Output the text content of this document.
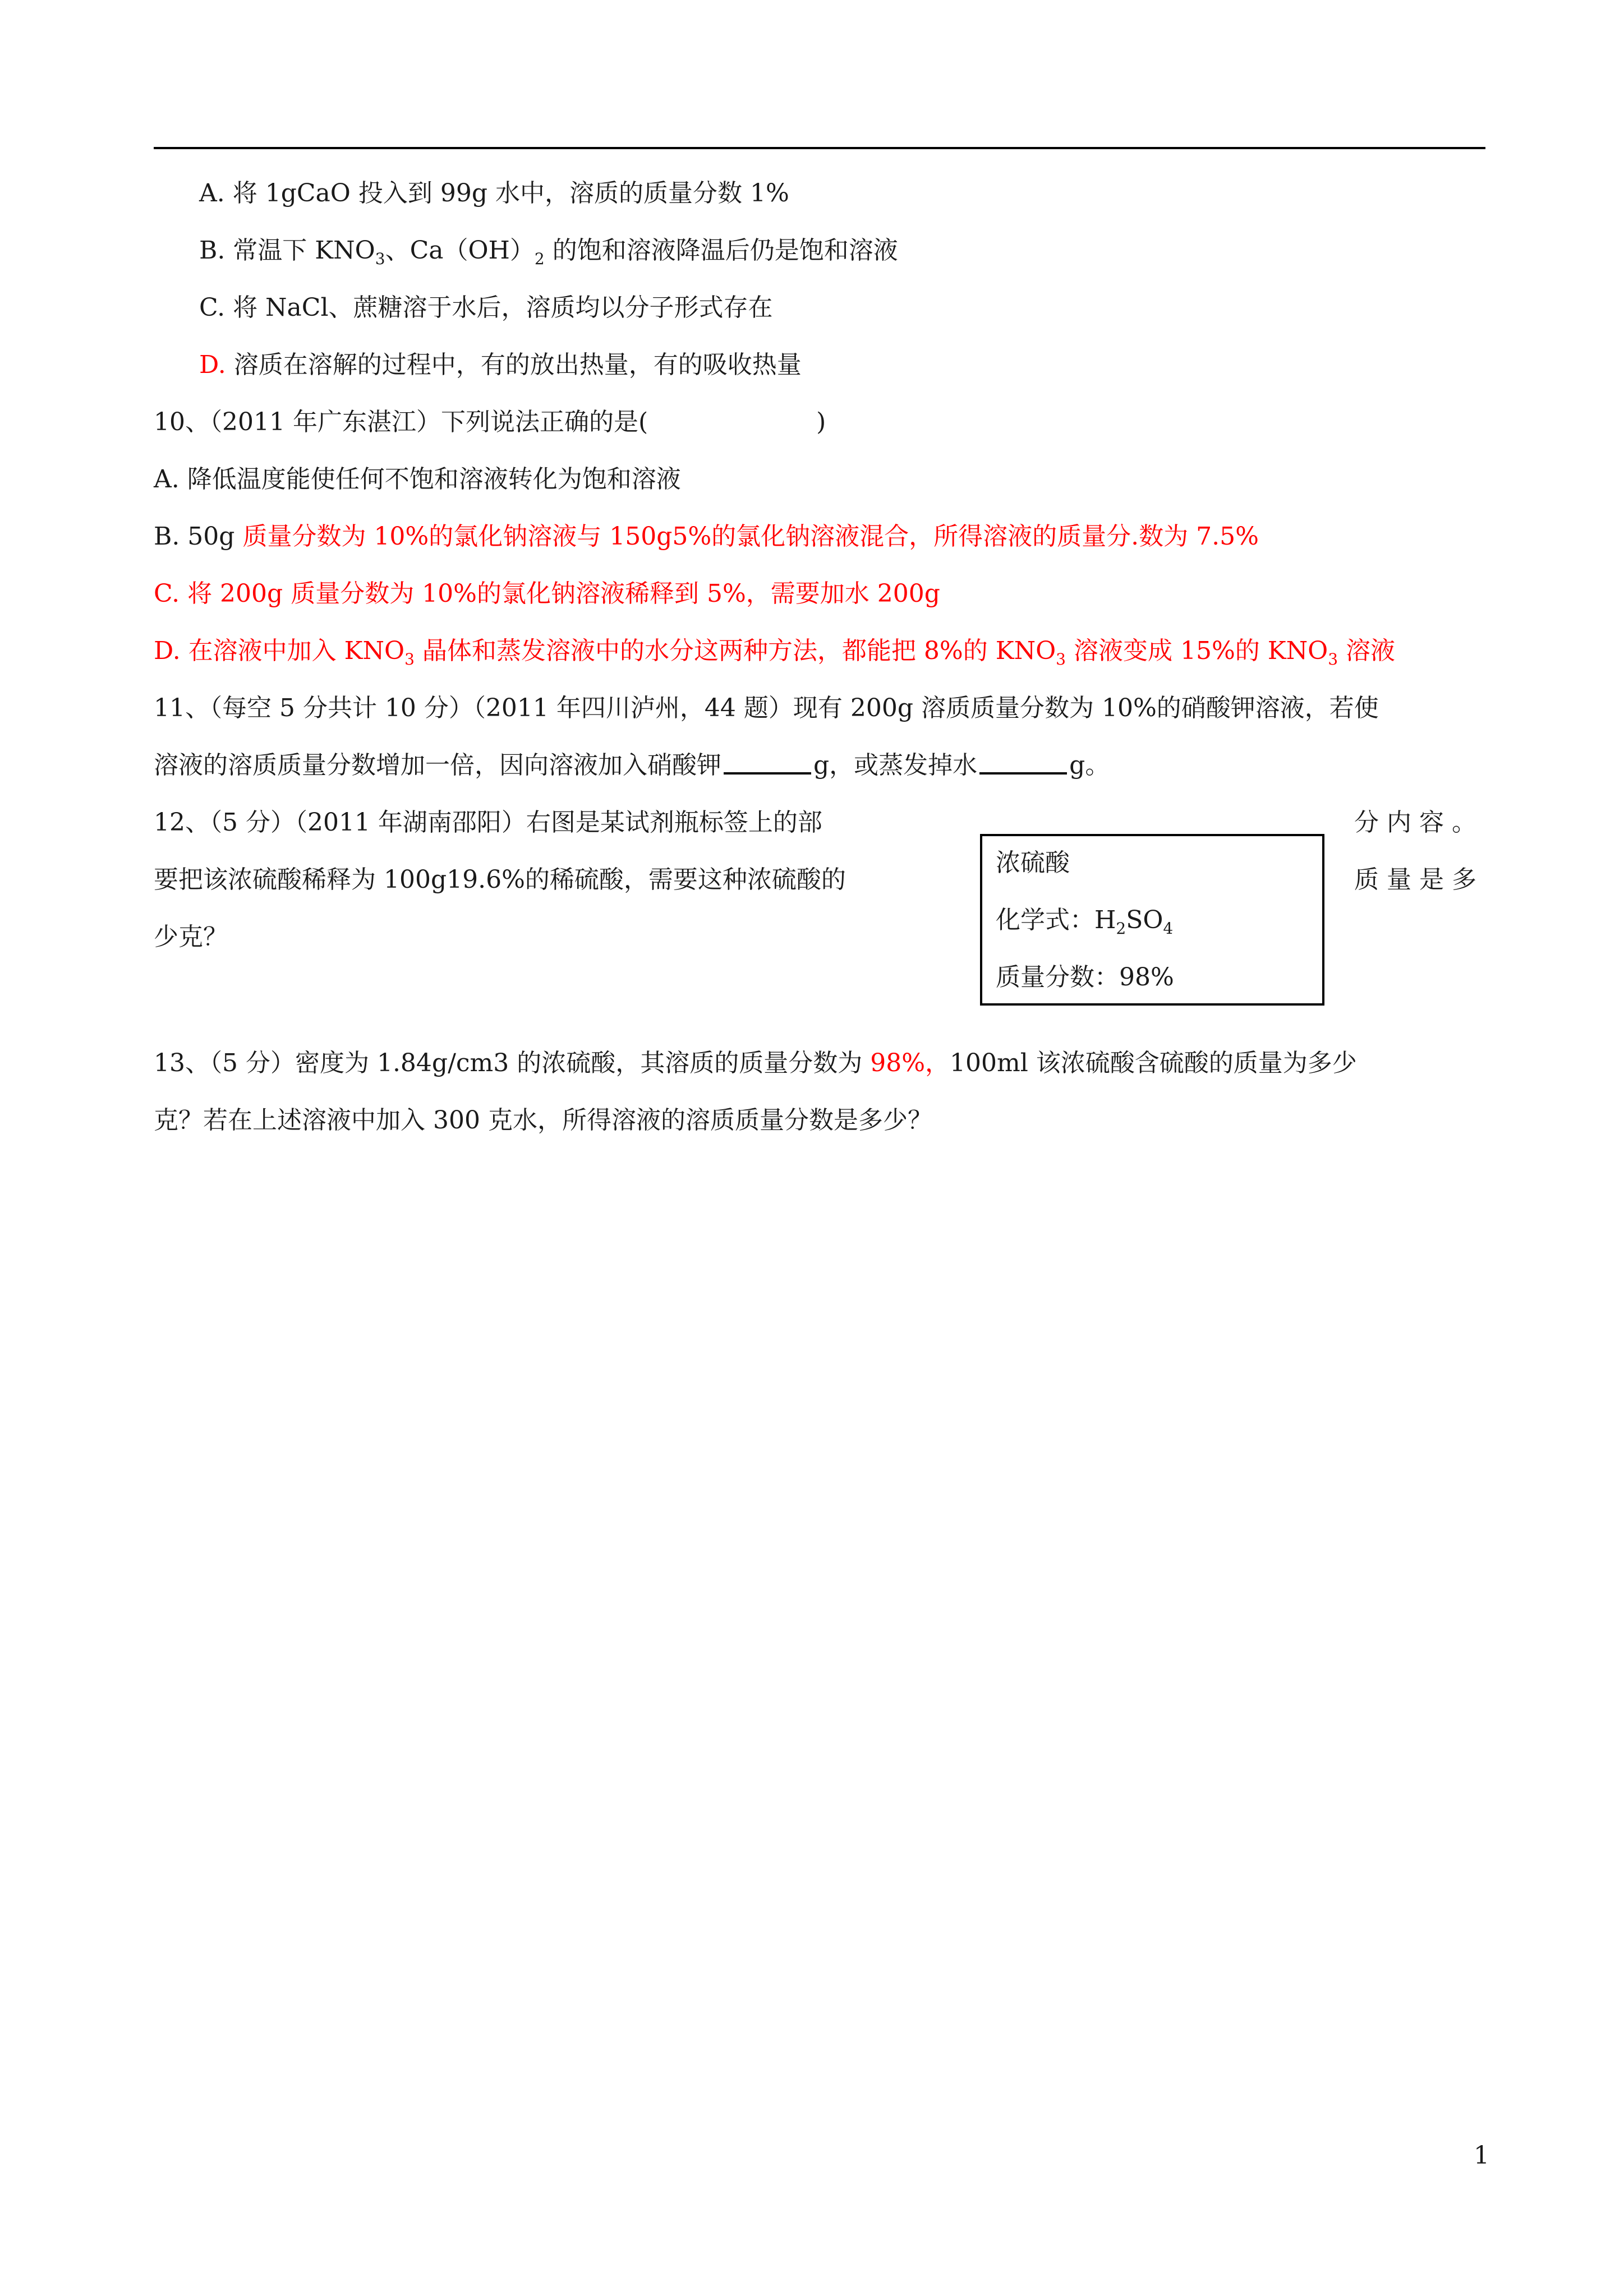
A. 将 1gCaO 投入到 99g 水中，溶质的质量分数 1%
B. 常温下 $KNO_3$、$Ca(OH)_2$ 的饱和溶液降温后仍是饱和溶液
C. 将 NaCl、蔗糖溶于水后，溶质均以分子形式存在
D. 溶质在溶解的过程中，有的放出热量，有的吸收热量
10、（2011 年广东湛江）下列说法正确的是(	)
A. 降低温度能使任何不饱和溶液转化为饱和溶液
B. 50g 质量分数为 10%的氯化钠溶液与 150g5%的氯化钠溶液混合，所得溶液的质量分.数为 7.5%
C. 将 200g 质量分数为 10%的氯化钠溶液稀释到 5%，需要加水 200g
D. 在溶液中加入 $KNO_3$ 晶体和蒸发溶液中的水分这两种方法，都能把 8%的 $KNO_3$ 溶液变成 15%的 $KNO_3$ 溶液
11、（每空 5 分共计 10 分）（2011 年四川泸州，44 题）现有 200g 溶质质量分数为 10%的硝酸钾溶液，若使
溶液的溶质质量分数增加一倍，因向溶液加入硝酸钾	g，或蒸发掉水	g。
12、（5 分）（2011 年湖南邵阳）右图是某试剂瓶标签上的部	分 内 容 。
要把该浓硫酸稀释为 100g19.6%的稀硫酸，需要这种浓硫酸的	质 量 是 多
少克？
浓硫酸
化学式：$H_2SO_4$
质量分数：98%
13、（5 分）密度为 1.84g/cm3 的浓硫酸，其溶质的质量分数为 98%，100ml 该浓硫酸含硫酸的质量为多少
克？若在上述溶液中加入 300 克水，所得溶液的溶质质量分数是多少？
1
